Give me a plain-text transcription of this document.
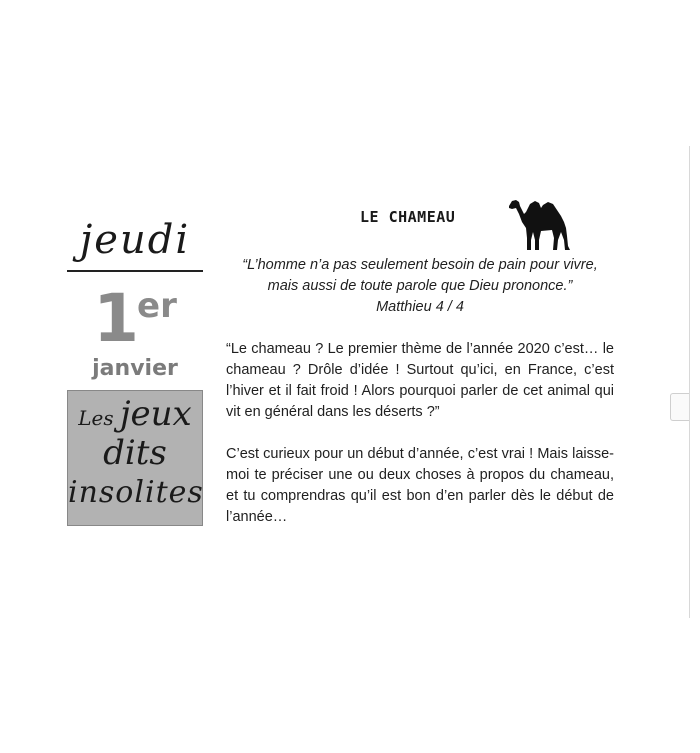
jeudi
1er
janvier
Les jeux
dits
insolites
LE CHAMEAU
“L’homme n’a pas seulement besoin de pain pour vivre, mais aussi de toute parole que Dieu prononce.”
Matthieu 4 / 4

“Le chameau ? Le premier thème de l’année 2020 c’est… le chameau ? Drôle d’idée ! Surtout qu’ici, en France, c’est l’hiver et il fait froid ! Alors pourquoi parler de cet animal qui vit en général dans les déserts ?”

C’est curieux pour un début d’année, c’est vrai ! Mais laisse-moi te préciser une ou deux choses à propos du chameau, et tu comprendras qu’il est bon d’en parler dès le début de l’année…
